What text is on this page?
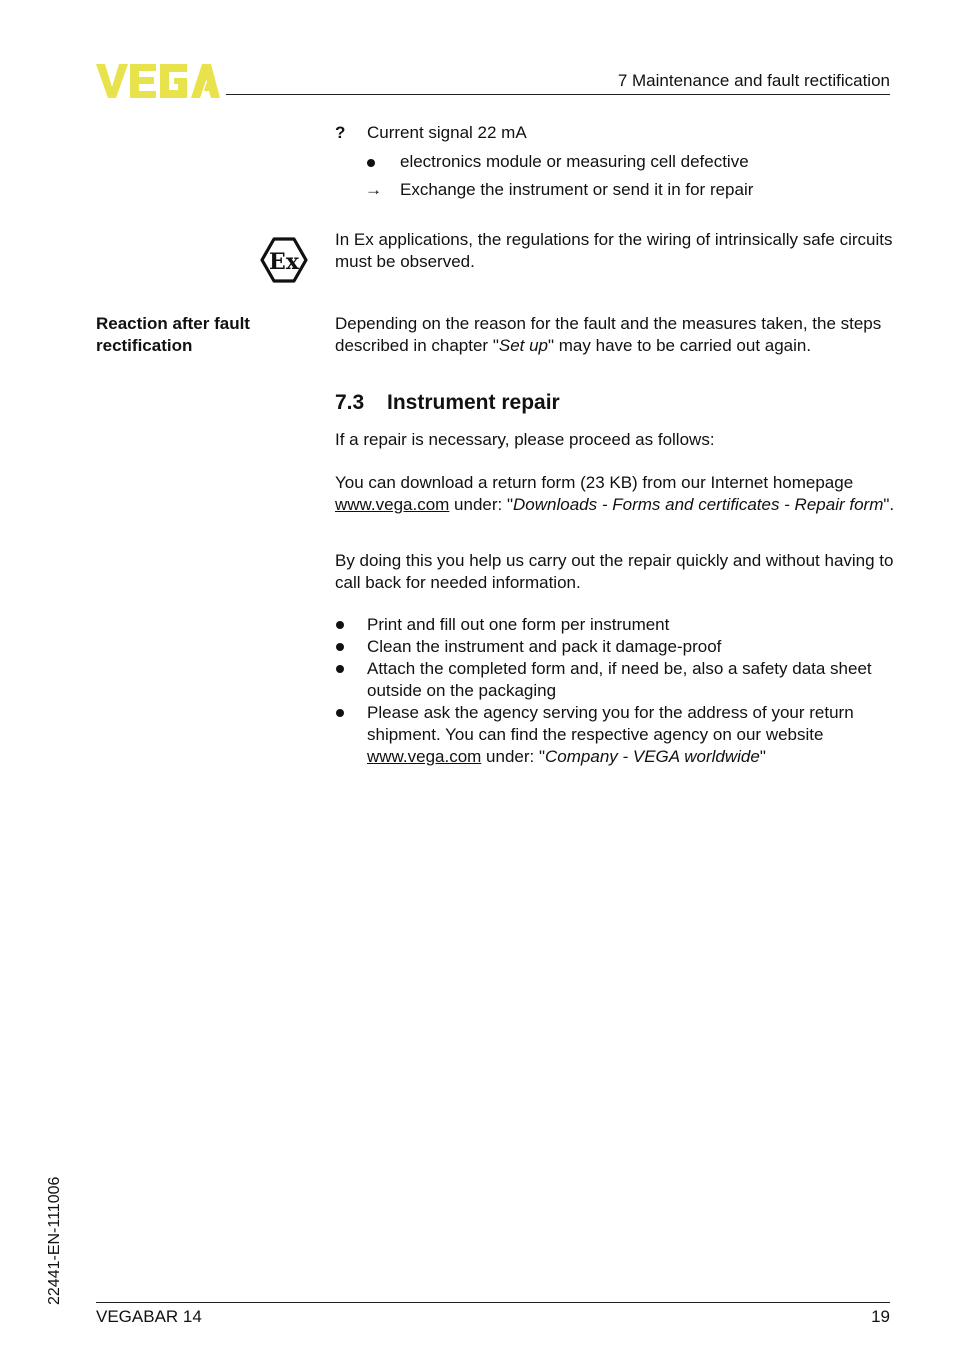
7 Maintenance and fault rectification
? Current signal 22 mA
electronics module or measuring cell defective
→ Exchange the instrument or send it in for repair
Ex
In Ex applications, the regulations for the wiring of intrinsically safe circuits must be observed.
Reaction after fault rectification
Depending on the reason for the fault and the measures taken, the steps described in chapter "Set up" may have to be carried out again.
7.3 Instrument repair
If a repair is necessary, please proceed as follows:
You can download a return form (23 KB) from our Internet homepage www.vega.com under: "Downloads - Forms and certificates - Repair form".
By doing this you help us carry out the repair quickly and without having to call back for needed information.
Print and fill out one form per instrument
Clean the instrument and pack it damage-proof
Attach the completed form and, if need be, also a safety data sheet outside on the packaging
Please ask the agency serving you for the address of your return shipment. You can find the respective agency on our website www.vega.com under: "Company - VEGA worldwide"
22441-EN-111006
VEGABAR 14	19
